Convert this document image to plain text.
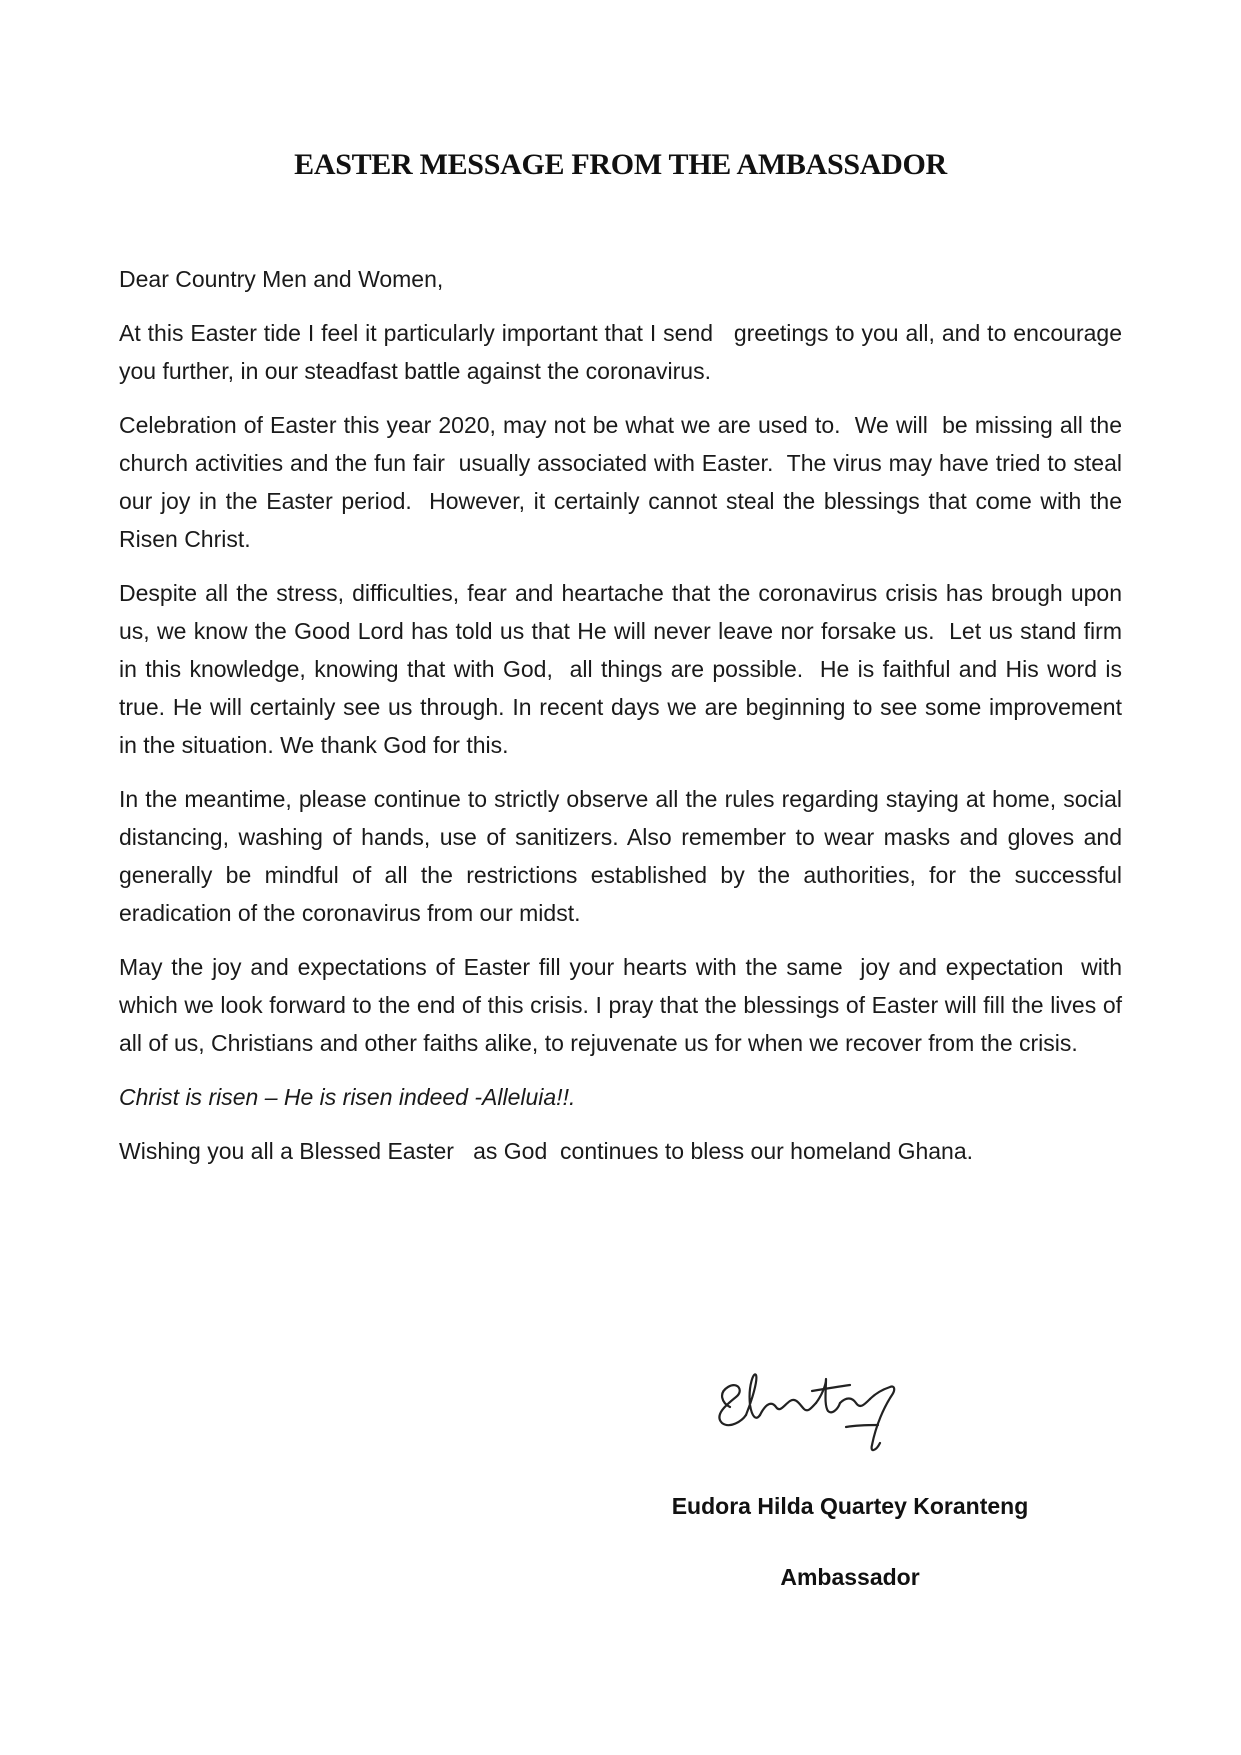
EASTER MESSAGE FROM THE AMBASSADOR

Dear Country Men and Women,

At this Easter tide I feel it particularly important that I send   greetings to you all, and to encourage you further, in our steadfast battle against the coronavirus.

Celebration of Easter this year 2020, may not be what we are used to.  We will  be missing all the church activities and the fun fair  usually associated with Easter.  The virus may have tried to steal our joy in the Easter period.  However, it certainly cannot steal the blessings that come with the Risen Christ.

Despite all the stress, difficulties, fear and heartache that the coronavirus crisis has brough upon us, we know the Good Lord has told us that He will never leave nor forsake us.  Let us stand firm in this knowledge, knowing that with God,  all things are possible.  He is faithful and His word is true. He will certainly see us through. In recent days we are beginning to see some improvement in the situation. We thank God for this.

In the meantime, please continue to strictly observe all the rules regarding staying at home, social distancing, washing of hands, use of sanitizers. Also remember to wear masks and gloves and generally be mindful of all the restrictions established by the authorities, for the successful eradication of the coronavirus from our midst.

May the joy and expectations of Easter fill your hearts with the same  joy and expectation  with which we look forward to the end of this crisis. I pray that the blessings of Easter will fill the lives of all of us, Christians and other faiths alike, to rejuvenate us for when we recover from the crisis.

Christ is risen – He is risen indeed -Alleluia!!.

Wishing you all a Blessed Easter   as God  continues to bless our homeland Ghana.

Eudora Hilda Quartey Koranteng

Ambassador
